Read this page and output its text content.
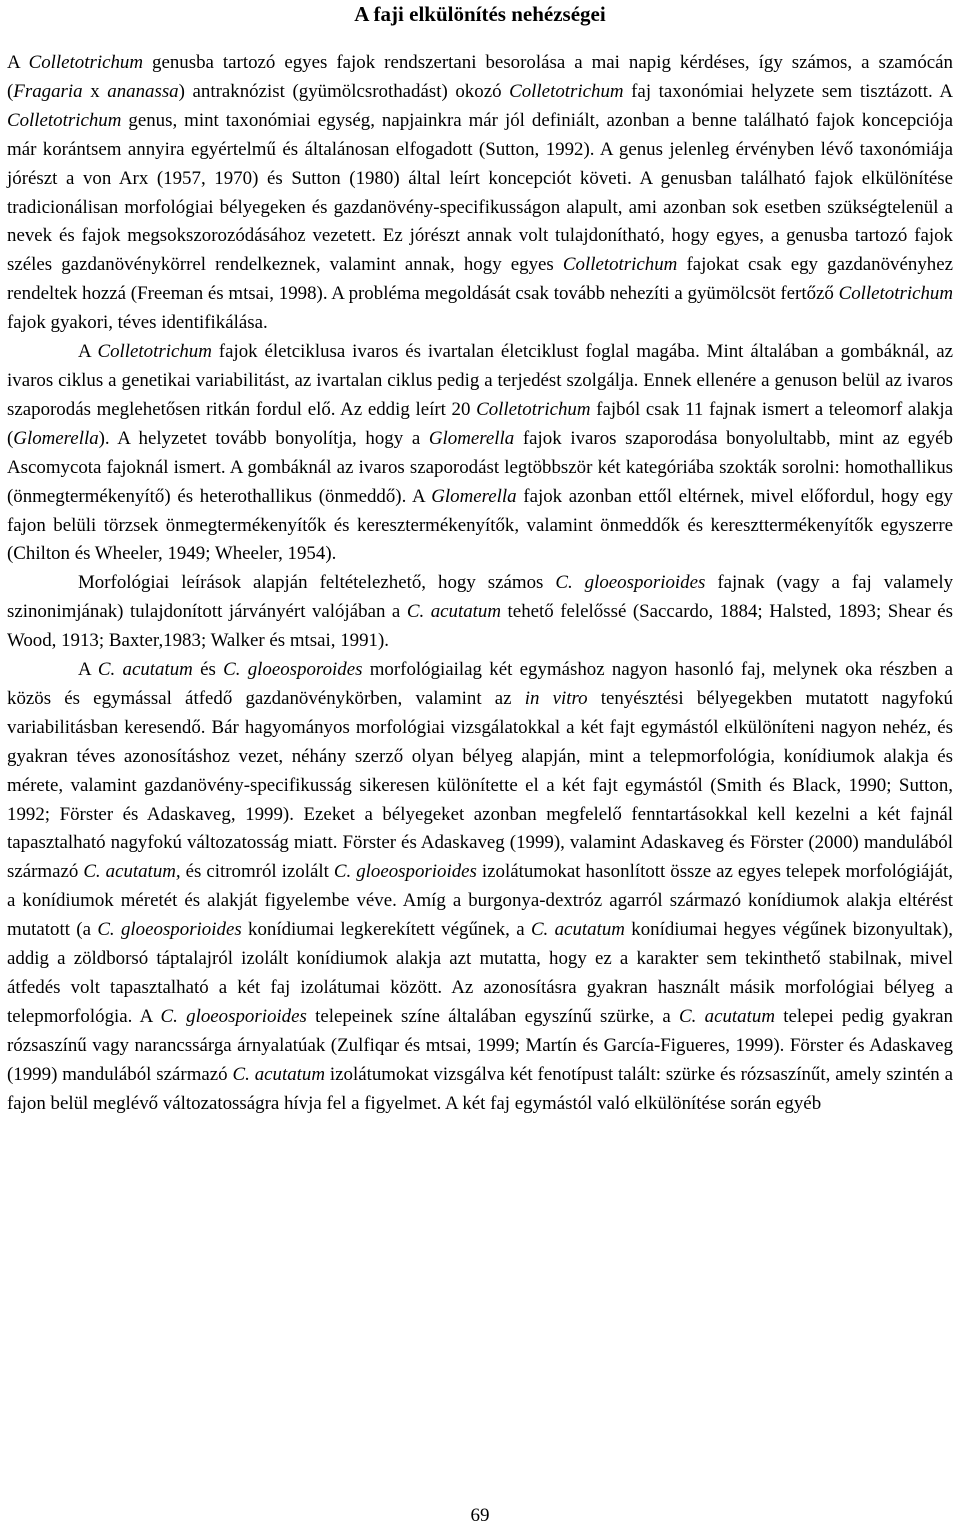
A faji elkülönítés nehézségei

A Colletotrichum genusba tartozó egyes fajok rendszertani besorolása a mai napig kérdéses, így számos, a szamócán (Fragaria x ananassa) antraknózist (gyümölcsrothadást) okozó Colletotrichum faj taxonómiai helyzete sem tisztázott. A Colletotrichum genus, mint taxonómiai egység, napjainkra már jól definiált, azonban a benne található fajok koncepciója már korántsem annyira egyértelmű és általánosan elfogadott (Sutton, 1992). A genus jelenleg érvényben lévő taxonómiája jórészt a von Arx (1957, 1970) és Sutton (1980) által leírt koncepciót követi. A genusban található fajok elkülönítése tradicionálisan morfológiai bélyegeken és gazdanövény-specifikusságon alapult, ami azonban sok esetben szükségtelenül a nevek és fajok megsokszorozódásához vezetett. Ez jórészt annak volt tulajdonítható, hogy egyes, a genusba tartozó fajok széles gazdanövénykörrel rendelkeznek, valamint annak, hogy egyes Colletotrichum fajokat csak egy gazdanövényhez rendeltek hozzá (Freeman és mtsai, 1998). A probléma megoldását csak tovább nehezíti a gyümölcsöt fertőző Colletotrichum fajok gyakori, téves identifikálása.

A Colletotrichum fajok életciklusa ivaros és ivartalan életciklust foglal magába. Mint általában a gombáknál, az ivaros ciklus a genetikai variabilitást, az ivartalan ciklus pedig a terjedést szolgálja. Ennek ellenére a genuson belül az ivaros szaporodás meglehetősen ritkán fordul elő. Az eddig leírt 20 Colletotrichum fajból csak 11 fajnak ismert a teleomorf alakja (Glomerella). A helyzetet tovább bonyolítja, hogy a Glomerella fajok ivaros szaporodása bonyolultabb, mint az egyéb Ascomycota fajoknál ismert. A gombáknál az ivaros szaporodást legtöbbször két kategóriába szokták sorolni: homothallikus (önmegtermékenyítő) és heterothallikus (önmeddő). A Glomerella fajok azonban ettől eltérnek, mivel előfordul, hogy egy fajon belüli törzsek önmegtermékenyítők és keresztermékenyítők, valamint önmeddők és kereszttermékenyítők egyszerre (Chilton és Wheeler, 1949; Wheeler, 1954).

Morfológiai leírások alapján feltételezhető, hogy számos C. gloeosporioides fajnak (vagy a faj valamely szinonimjának) tulajdonított járványért valójában a C. acutatum tehető felelőssé (Saccardo, 1884; Halsted, 1893; Shear és Wood, 1913; Baxter,1983; Walker és mtsai, 1991).

A C. acutatum és C. gloeosporoides morfológiailag két egymáshoz nagyon hasonló faj, melynek oka részben a közös és egymással átfedő gazdanövénykörben, valamint az in vitro tenyésztési bélyegekben mutatott nagyfokú variabilitásban keresendő. Bár hagyományos morfológiai vizsgálatokkal a két fajt egymástól elkülöníteni nagyon nehéz, és gyakran téves azonosításhoz vezet, néhány szerző olyan bélyeg alapján, mint a telepmorfológia, konídiumok alakja és mérete, valamint gazdanövény-specifikusság sikeresen különítette el a két fajt egymástól (Smith és Black, 1990; Sutton, 1992; Förster és Adaskaveg, 1999). Ezeket a bélyegeket azonban megfelelő fenntartásokkal kell kezelni a két fajnál tapasztalható nagyfokú változatosság miatt. Förster és Adaskaveg (1999), valamint Adaskaveg és Förster (2000) mandulából származó C. acutatum, és citromról izolált C. gloeosporioides izolátumokat hasonlított össze az egyes telepek morfológiáját, a konídiumok méretét és alakját figyelembe véve. Amíg a burgonya-dextróz agarról származó konídiumok alakja eltérést mutatott (a C. gloeosporioides konídiumai legkerekített végűnek, a C. acutatum konídiumai hegyes végűnek bizonyultak), addig a zöldborsó táptalajról izolált konídiumok alakja azt mutatta, hogy ez a karakter sem tekinthető stabilnak, mivel átfedés volt tapasztalható a két faj izolátumai között. Az azonosításra gyakran használt másik morfológiai bélyeg a telepmorfológia. A C. gloeosporioides telepeinek színe általában egyszínű szürke, a C. acutatum telepei pedig gyakran rózsaszínű vagy narancssárga árnyalatúak (Zulfiqar és mtsai, 1999; Martín és García-Figueres, 1999). Förster és Adaskaveg (1999) mandulából származó C. acutatum izolátumokat vizsgálva két fenotípust talált: szürke és rózsaszínűt, amely szintén a fajon belül meglévő változatosságra hívja fel a figyelmet. A két faj egymástól való elkülönítése során egyéb

69
